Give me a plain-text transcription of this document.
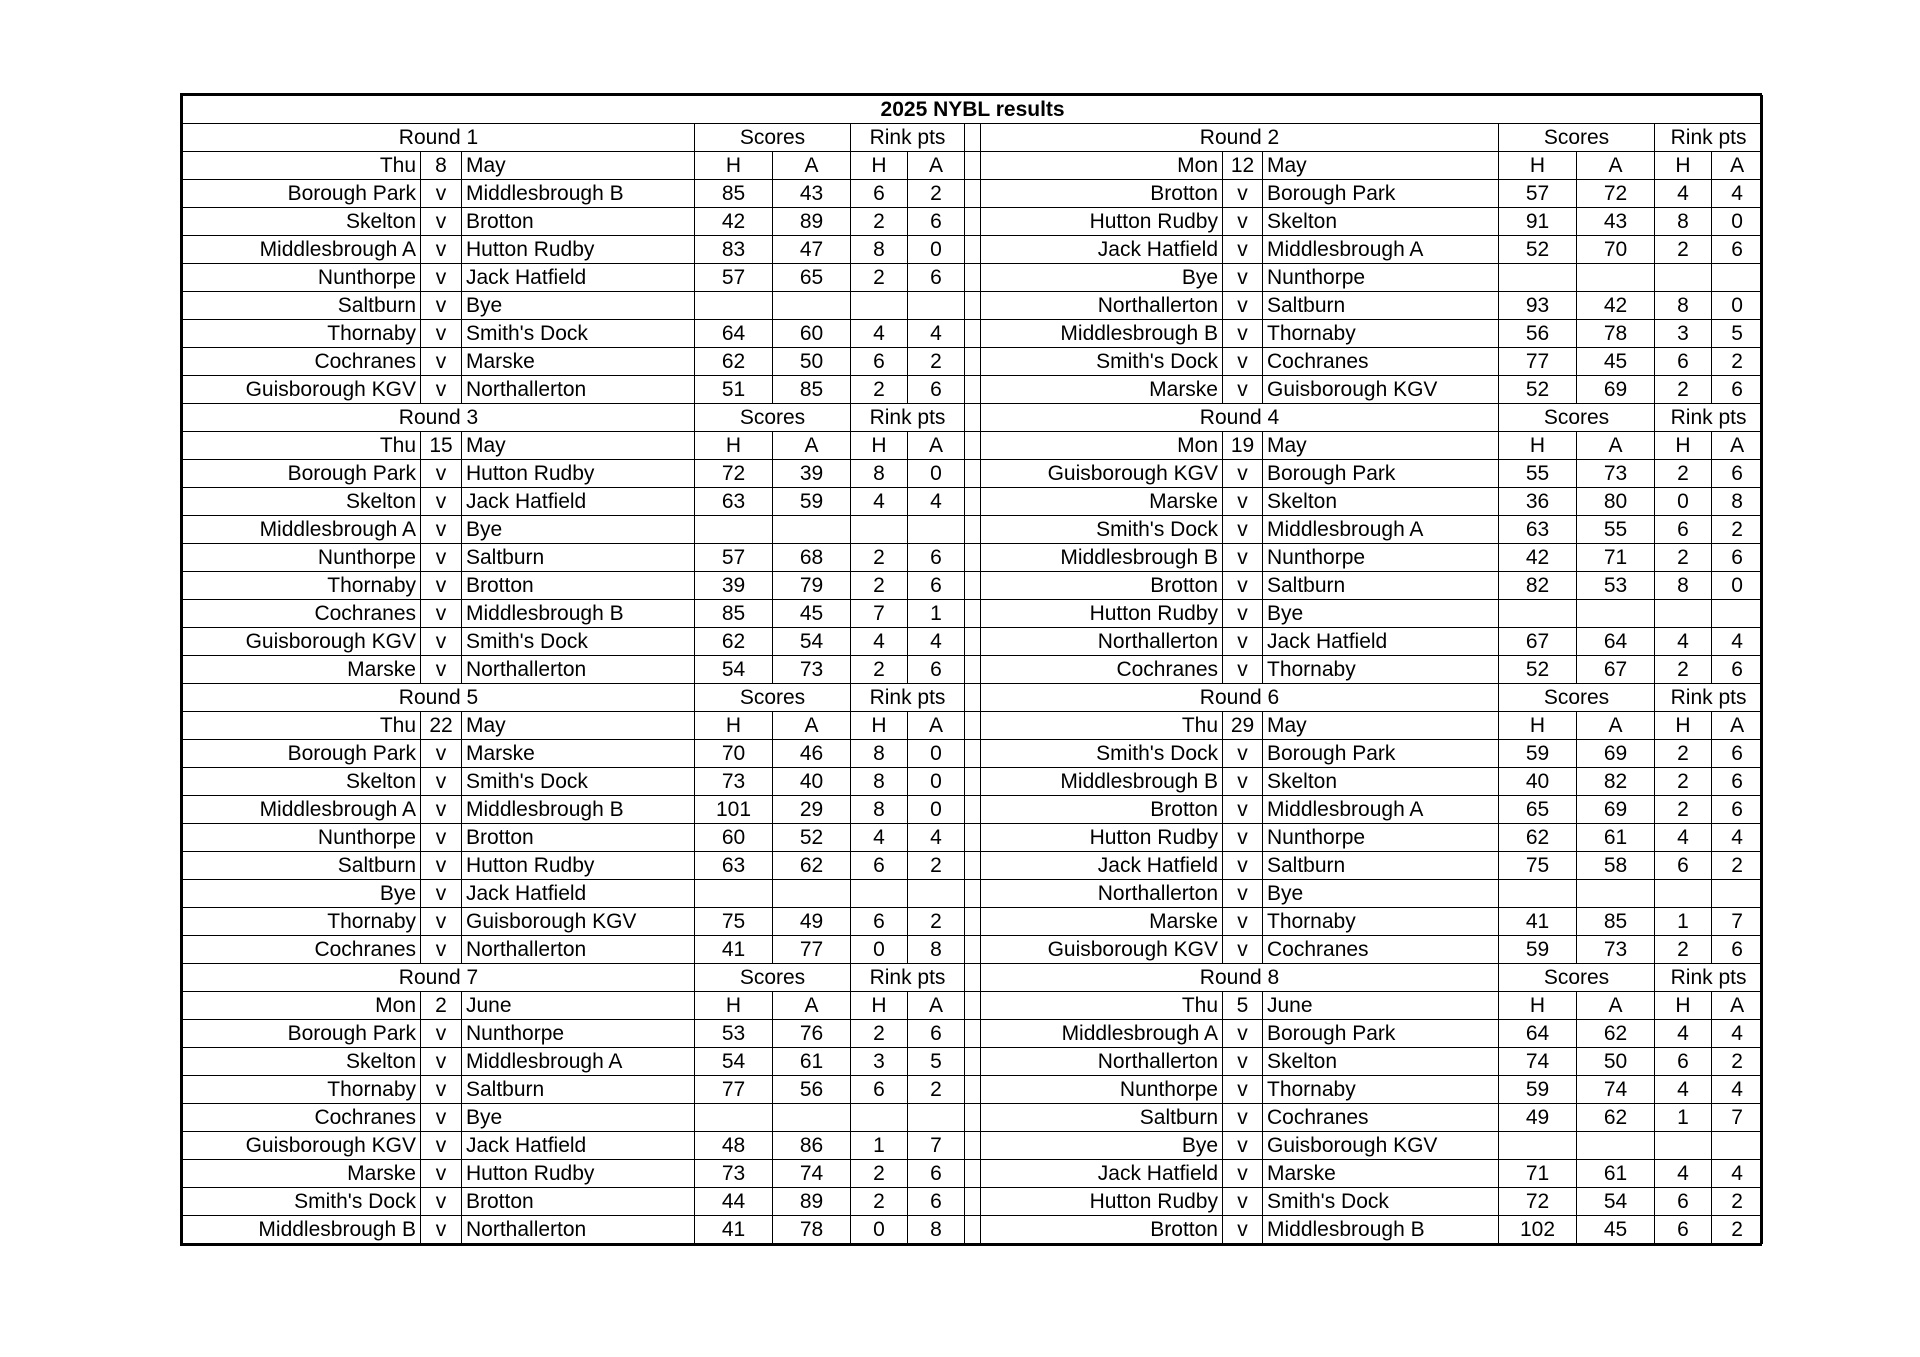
2025 NYBL results														
Round 1			Scores		Rink pts			Round 2			Scores		Rink pts	
Thu	8	May	H	A	H	A		Mon	12	May	H	A	H	A
Borough Park	v	Middlesbrough B	85	43	6	2		Brotton	v	Borough Park	57	72	4	4
Skelton	v	Brotton	42	89	2	6		Hutton Rudby	v	Skelton	91	43	8	0
Middlesbrough A	v	Hutton Rudby	83	47	8	0		Jack Hatfield	v	Middlesbrough A	52	70	2	6
Nunthorpe	v	Jack Hatfield	57	65	2	6		Bye	v	Nunthorpe				
Saltburn	v	Bye						Northallerton	v	Saltburn	93	42	8	0
Thornaby	v	Smith's Dock	64	60	4	4		Middlesbrough B	v	Thornaby	56	78	3	5
Cochranes	v	Marske	62	50	6	2		Smith's Dock	v	Cochranes	77	45	6	2
Guisborough KGV	v	Northallerton	51	85	2	6		Marske	v	Guisborough KGV	52	69	2	6
Round 3			Scores		Rink pts			Round 4			Scores		Rink pts	
Thu	15	May	H	A	H	A		Mon	19	May	H	A	H	A
Borough Park	v	Hutton Rudby	72	39	8	0		Guisborough KGV	v	Borough Park	55	73	2	6
Skelton	v	Jack Hatfield	63	59	4	4		Marske	v	Skelton	36	80	0	8
Middlesbrough A	v	Bye						Smith's Dock	v	Middlesbrough A	63	55	6	2
Nunthorpe	v	Saltburn	57	68	2	6		Middlesbrough B	v	Nunthorpe	42	71	2	6
Thornaby	v	Brotton	39	79	2	6		Brotton	v	Saltburn	82	53	8	0
Cochranes	v	Middlesbrough B	85	45	7	1		Hutton Rudby	v	Bye				
Guisborough KGV	v	Smith's Dock	62	54	4	4		Northallerton	v	Jack Hatfield	67	64	4	4
Marske	v	Northallerton	54	73	2	6		Cochranes	v	Thornaby	52	67	2	6
Round 5			Scores		Rink pts			Round 6			Scores		Rink pts	
Thu	22	May	H	A	H	A		Thu	29	May	H	A	H	A
Borough Park	v	Marske	70	46	8	0		Smith's Dock	v	Borough Park	59	69	2	6
Skelton	v	Smith's Dock	73	40	8	0		Middlesbrough B	v	Skelton	40	82	2	6
Middlesbrough A	v	Middlesbrough B	101	29	8	0		Brotton	v	Middlesbrough A	65	69	2	6
Nunthorpe	v	Brotton	60	52	4	4		Hutton Rudby	v	Nunthorpe	62	61	4	4
Saltburn	v	Hutton Rudby	63	62	6	2		Jack Hatfield	v	Saltburn	75	58	6	2
Bye	v	Jack Hatfield						Northallerton	v	Bye				
Thornaby	v	Guisborough KGV	75	49	6	2		Marske	v	Thornaby	41	85	1	7
Cochranes	v	Northallerton	41	77	0	8		Guisborough KGV	v	Cochranes	59	73	2	6
Round 7			Scores		Rink pts			Round 8			Scores		Rink pts	
Mon	2	June	H	A	H	A		Thu	5	June	H	A	H	A
Borough Park	v	Nunthorpe	53	76	2	6		Middlesbrough A	v	Borough Park	64	62	4	4
Skelton	v	Middlesbrough A	54	61	3	5		Northallerton	v	Skelton	74	50	6	2
Thornaby	v	Saltburn	77	56	6	2		Nunthorpe	v	Thornaby	59	74	4	4
Cochranes	v	Bye						Saltburn	v	Cochranes	49	62	1	7
Guisborough KGV	v	Jack Hatfield	48	86	1	7		Bye	v	Guisborough KGV				
Marske	v	Hutton Rudby	73	74	2	6		Jack Hatfield	v	Marske	71	61	4	4
Smith's Dock	v	Brotton	44	89	2	6		Hutton Rudby	v	Smith's Dock	72	54	6	2
Middlesbrough B	v	Northallerton	41	78	0	8		Brotton	v	Middlesbrough B	102	45	6	2
